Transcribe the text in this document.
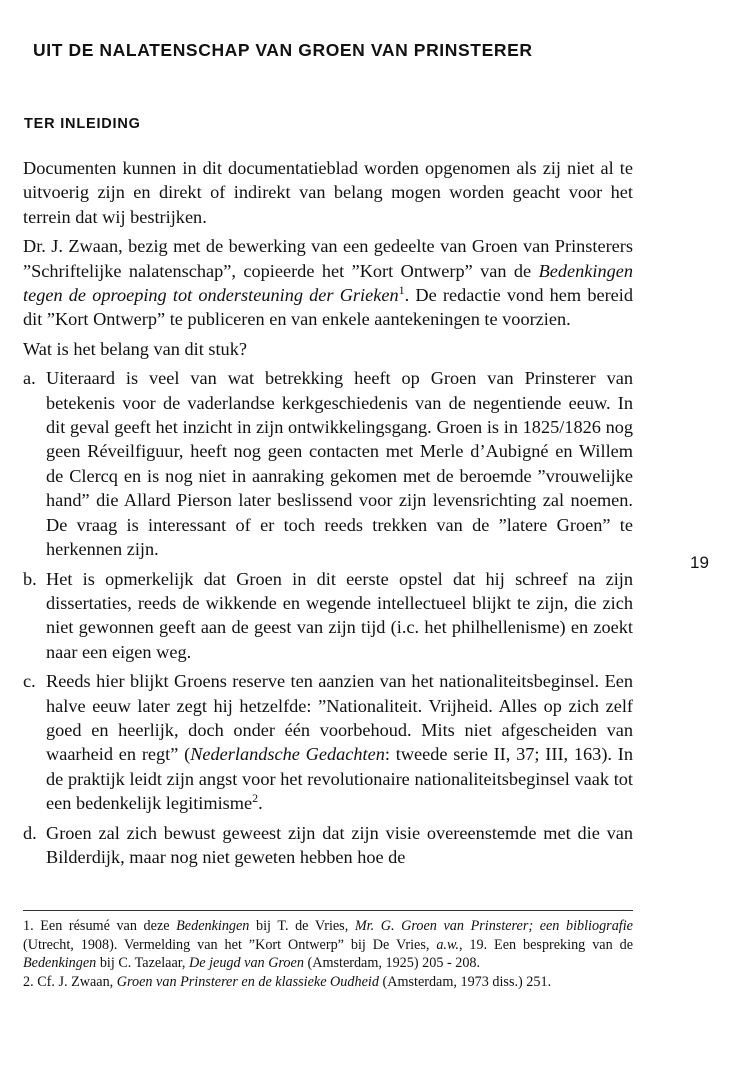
UIT DE NALATENSCHAP VAN GROEN VAN PRINSTERER
TER INLEIDING

Documenten kunnen in dit documentatieblad worden opgenomen als zij niet al te uitvoerig zijn en direkt of indirekt van belang mogen worden geacht voor het terrein dat wij bestrijken.

Dr. J. Zwaan, bezig met de bewerking van een gedeelte van Groen van Prinsterers ”Schriftelijke nalatenschap”, copieerde het ”Kort Ontwerp” van de Bedenkingen tegen de oproeping tot ondersteuning der Grieken$^1$. De redactie vond hem bereid dit ”Kort Ontwerp” te publiceren en van enkele aantekeningen te voorzien.

Wat is het belang van dit stuk?

a. Uiteraard is veel van wat betrekking heeft op Groen van Prinsterer van betekenis voor de vaderlandse kerkgeschiedenis van de negentiende eeuw. In dit geval geeft het inzicht in zijn ontwikkelingsgang. Groen is in 1825/1826 nog geen Réveilfiguur, heeft nog geen contacten met Merle d’Aubigné en Willem de Clercq en is nog niet in aanraking gekomen met de beroemde ”vrouwelijke hand” die Allard Pierson later beslissend voor zijn levensrichting zal noemen. De vraag is interessant of er toch reeds trekken van de ”latere Groen” te herkennen zijn.
b. Het is opmerkelijk dat Groen in dit eerste opstel dat hij schreef na zijn dissertaties, reeds de wikkende en wegende intellectueel blijkt te zijn, die zich niet gewonnen geeft aan de geest van zijn tijd (i.c. het philhellenisme) en zoekt naar een eigen weg.
c. Reeds hier blijkt Groens reserve ten aanzien van het nationaliteitsbeginsel. Een halve eeuw later zegt hij hetzelfde: ”Nationaliteit. Vrijheid. Alles op zich zelf goed en heerlijk, doch onder één voorbehoud. Mits niet afgescheiden van waarheid en regt” (Nederlandsche Gedachten: tweede serie II, 37; III, 163). In de praktijk leidt zijn angst voor het revolutionaire nationaliteitsbeginsel vaak tot een bedenkelijk legitimisme$^2$.
d. Groen zal zich bewust geweest zijn dat zijn visie overeenstemde met die van Bilderdijk, maar nog niet geweten hebben hoe de
19

1. Een résumé van deze Bedenkingen bij T. de Vries, Mr. G. Groen van Prinsterer; een bibliografie (Utrecht, 1908). Vermelding van het ”Kort Ontwerp” bij De Vries, a.w., 19. Een bespreking van de Bedenkingen bij C. Tazelaar, De jeugd van Groen (Amsterdam, 1925) 205 - 208.

2. Cf. J. Zwaan, Groen van Prinsterer en de klassieke Oudheid (Amsterdam, 1973 diss.) 251.
